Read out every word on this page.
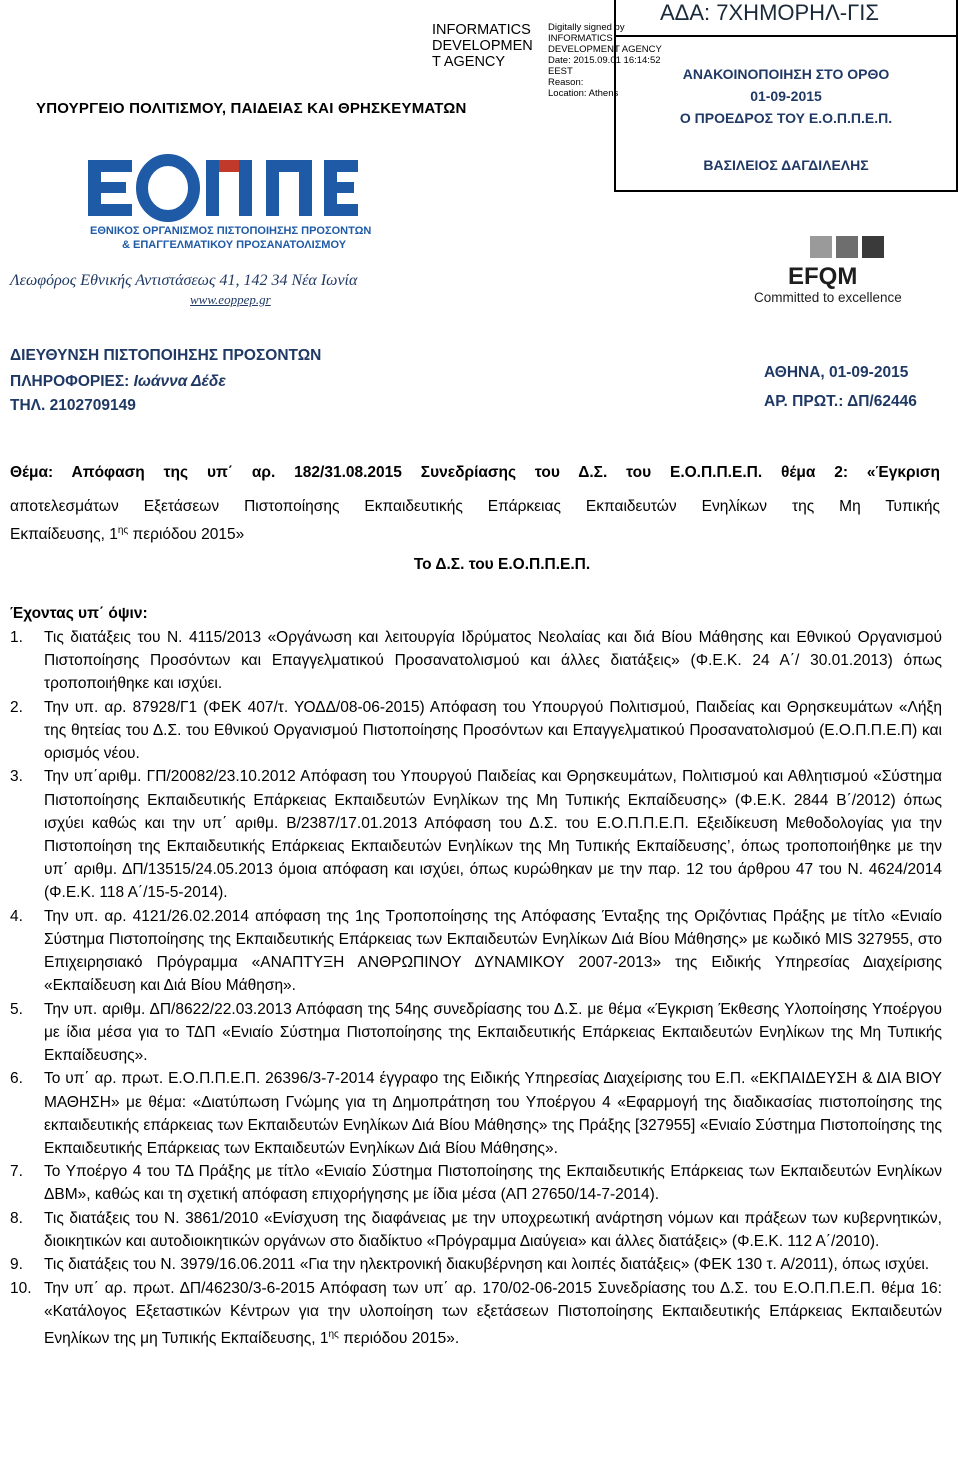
ΥΠΟΥΡΓΕΙΟ ΠΟΛΙΤΙΣΜΟΥ, ΠΑΙΔΕΙΑΣ ΚΑΙ ΘΡΗΣΚΕΥΜΑΤΩΝ
INFORMATICS
DEVELOPMEN
T AGENCY
Digitally signed by
INFORMATICS
DEVELOPMENT AGENCY
Date: 2015.09.01 16:14:52
EEST
Reason:
Location: Athens
ΑΔΑ: 7ΧΗΜΟΡΗΛ-ΓΙΣ
ΑΝΑΚΟΙΝΟΠΟΙΗΣΗ ΣΤΟ ΟΡΘΟ
01-09-2015
Ο ΠΡΟΕΔΡΟΣ ΤΟΥ Ε.Ο.Π.Π.Ε.Π.
ΒΑΣΙΛΕΙΟΣ ΔΑΓΔΙΛΕΛΗΣ
ΕΘΝΙΚΟΣ ΟΡΓΑΝΙΣΜΟΣ ΠΙΣΤΟΠΟΙΗΣΗΣ ΠΡΟΣΟΝΤΩΝ
& ΕΠΑΓΓΕΛΜΑΤΙΚΟΥ ΠΡΟΣΑΝΑΤΟΛΙΣΜΟΥ
Λεωφόρος Εθνικής Αντιστάσεως 41, 142 34 Νέα Ιωνία
www.eoppep.gr
EFQM
Committed to excellence
ΔΙΕΥΘΥΝΣΗ ΠΙΣΤΟΠΟΙΗΣΗΣ ΠΡΟΣΟΝΤΩΝ
ΠΛΗΡΟΦΟΡΙΕΣ: Ιωάννα Δέδε
ΤΗΛ. 2102709149
ΑΘΗΝΑ, 01-09-2015
ΑΡ. ΠΡΩΤ.: ΔΠ/62446
Θέμα: Απόφαση της υπ΄ αρ. 182/31.08.2015 Συνεδρίασης του Δ.Σ. του Ε.Ο.Π.Π.Ε.Π. θέμα 2: «Έγκριση
αποτελεσμάτων Εξετάσεων Πιστοποίησης Εκπαιδευτικής Επάρκειας Εκπαιδευτών Ενηλίκων της Μη Τυπικής
Εκπαίδευσης, $1^{\eta\varsigma}$ περιόδου 2015»
Το Δ.Σ. του Ε.Ο.Π.Π.Ε.Π.
Έχοντας υπ΄ όψιν:
1.	Τις διατάξεις του Ν. 4115/2013 «Οργάνωση και λειτουργία Ιδρύματος Νεολαίας και διά Βίου Μάθησης και Εθνικού Οργανισμού Πιστοποίησης Προσόντων και Επαγγελματικού Προσανατολισμού και άλλες διατάξεις» (Φ.Ε.Κ. 24 Α΄/ 30.01.2013) όπως τροποποιήθηκε και ισχύει.
2.	Την υπ. αρ. 87928/Γ1 (ΦΕΚ 407/τ. ΥΟΔΔ/08-06-2015) Απόφαση του Υπουργού Πολιτισμού, Παιδείας και Θρησκευμάτων «Λήξη της θητείας του Δ.Σ. του Εθνικού Οργανισμού Πιστοποίησης Προσόντων και Επαγγελματικού Προσανατολισμού (Ε.Ο.Π.Π.Ε.Π) και ορισμός νέου.
3.	Την υπ΄αριθμ. ΓΠ/20082/23.10.2012 Απόφαση του Υπουργού Παιδείας και Θρησκευμάτων, Πολιτισμού και Αθλητισμού «Σύστημα Πιστοποίησης Εκπαιδευτικής Επάρκειας Εκπαιδευτών Ενηλίκων της Μη Τυπικής Εκπαίδευσης» (Φ.Ε.Κ. 2844 Β΄/2012) όπως ισχύει καθώς και την υπ΄ αριθμ. Β/2387/17.01.2013 Απόφαση του Δ.Σ. του Ε.Ο.Π.Π.Ε.Π. Εξειδίκευση Μεθοδολογίας για την Πιστοποίηση της Εκπαιδευτικής Επάρκειας Εκπαιδευτών Ενηλίκων της Μη Τυπικής Εκπαίδευσης’, όπως τροποποιήθηκε με την υπ΄ αριθμ. ΔΠ/13515/24.05.2013 όμοια απόφαση και ισχύει, όπως κυρώθηκαν με την παρ. 12 του άρθρου 47 του Ν. 4624/2014 (Φ.Ε.Κ. 118 Α΄/15-5-2014).
4.	Την υπ. αρ. 4121/26.02.2014 απόφαση της 1ης Τροποποίησης της Απόφασης Ένταξης της Οριζόντιας Πράξης με τίτλο «Ενιαίο Σύστημα Πιστοποίησης της Εκπαιδευτικής Επάρκειας των Εκπαιδευτών Ενηλίκων Διά Βίου Μάθησης» με κωδικό MIS 327955, στο Επιχειρησιακό Πρόγραμμα «ΑΝΑΠΤΥΞΗ ΑΝΘΡΩΠΙΝΟΥ ΔΥΝΑΜΙΚΟΥ 2007-2013» της Ειδικής Υπηρεσίας Διαχείρισης «Εκπαίδευση και Διά Βίου Μάθηση».
5.	Την υπ. αριθμ. ΔΠ/8622/22.03.2013 Απόφαση της 54ης συνεδρίασης του Δ.Σ. με θέμα «Έγκριση Έκθεσης Υλοποίησης Υποέργου με ίδια μέσα για το ΤΔΠ «Ενιαίο Σύστημα Πιστοποίησης της Εκπαιδευτικής Επάρκειας Εκπαιδευτών Ενηλίκων της Μη Τυπικής Εκπαίδευσης».
6.	Το υπ΄ αρ. πρωτ. Ε.Ο.Π.Π.Ε.Π. 26396/3-7-2014 έγγραφο της Ειδικής Υπηρεσίας Διαχείρισης του Ε.Π. «ΕΚΠΑΙΔΕΥΣΗ & ΔΙΑ ΒΙΟΥ ΜΑΘΗΣΗ» με θέμα: «Διατύπωση Γνώμης για τη Δημοπράτηση του Υποέργου 4 «Εφαρμογή της διαδικασίας πιστοποίησης της εκπαιδευτικής επάρκειας των Εκπαιδευτών Ενηλίκων Διά Βίου Μάθησης» της Πράξης [327955] «Ενιαίο Σύστημα Πιστοποίησης της Εκπαιδευτικής Επάρκειας των Εκπαιδευτών Ενηλίκων Διά Βίου Μάθησης».
7.	Το Υποέργο 4 του ΤΔ Πράξης με τίτλο «Ενιαίο Σύστημα Πιστοποίησης της Εκπαιδευτικής Επάρκειας των Εκπαιδευτών Ενηλίκων ΔΒΜ», καθώς και τη σχετική απόφαση επιχορήγησης με ίδια μέσα (ΑΠ 27650/14-7-2014).
8.	Τις διατάξεις του Ν. 3861/2010 «Ενίσχυση της διαφάνειας με την υποχρεωτική ανάρτηση νόμων και πράξεων των κυβερνητικών, διοικητικών και αυτοδιοικητικών οργάνων στο διαδίκτυο «Πρόγραμμα Διαύγεια» και άλλες διατάξεις» (Φ.Ε.Κ. 112 Α΄/2010).
9.	Τις διατάξεις του Ν. 3979/16.06.2011 «Για την ηλεκτρονική διακυβέρνηση και λοιπές διατάξεις» (ΦΕΚ 130 τ. Α/2011), όπως ισχύει.
10. Την υπ΄ αρ. πρωτ. ΔΠ/46230/3-6-2015 Απόφαση των υπ΄ αρ. 170/02-06-2015 Συνεδρίασης του Δ.Σ. του Ε.Ο.Π.Π.Ε.Π. θέμα 16: «Κατάλογος Εξεταστικών Κέντρων για την υλοποίηση των εξετάσεων Πιστοποίησης Εκπαιδευτικής Επάρκειας Εκπαιδευτών Ενηλίκων της μη Τυπικής Εκπαίδευσης, $1^{\eta\varsigma}$ περιόδου 2015».
